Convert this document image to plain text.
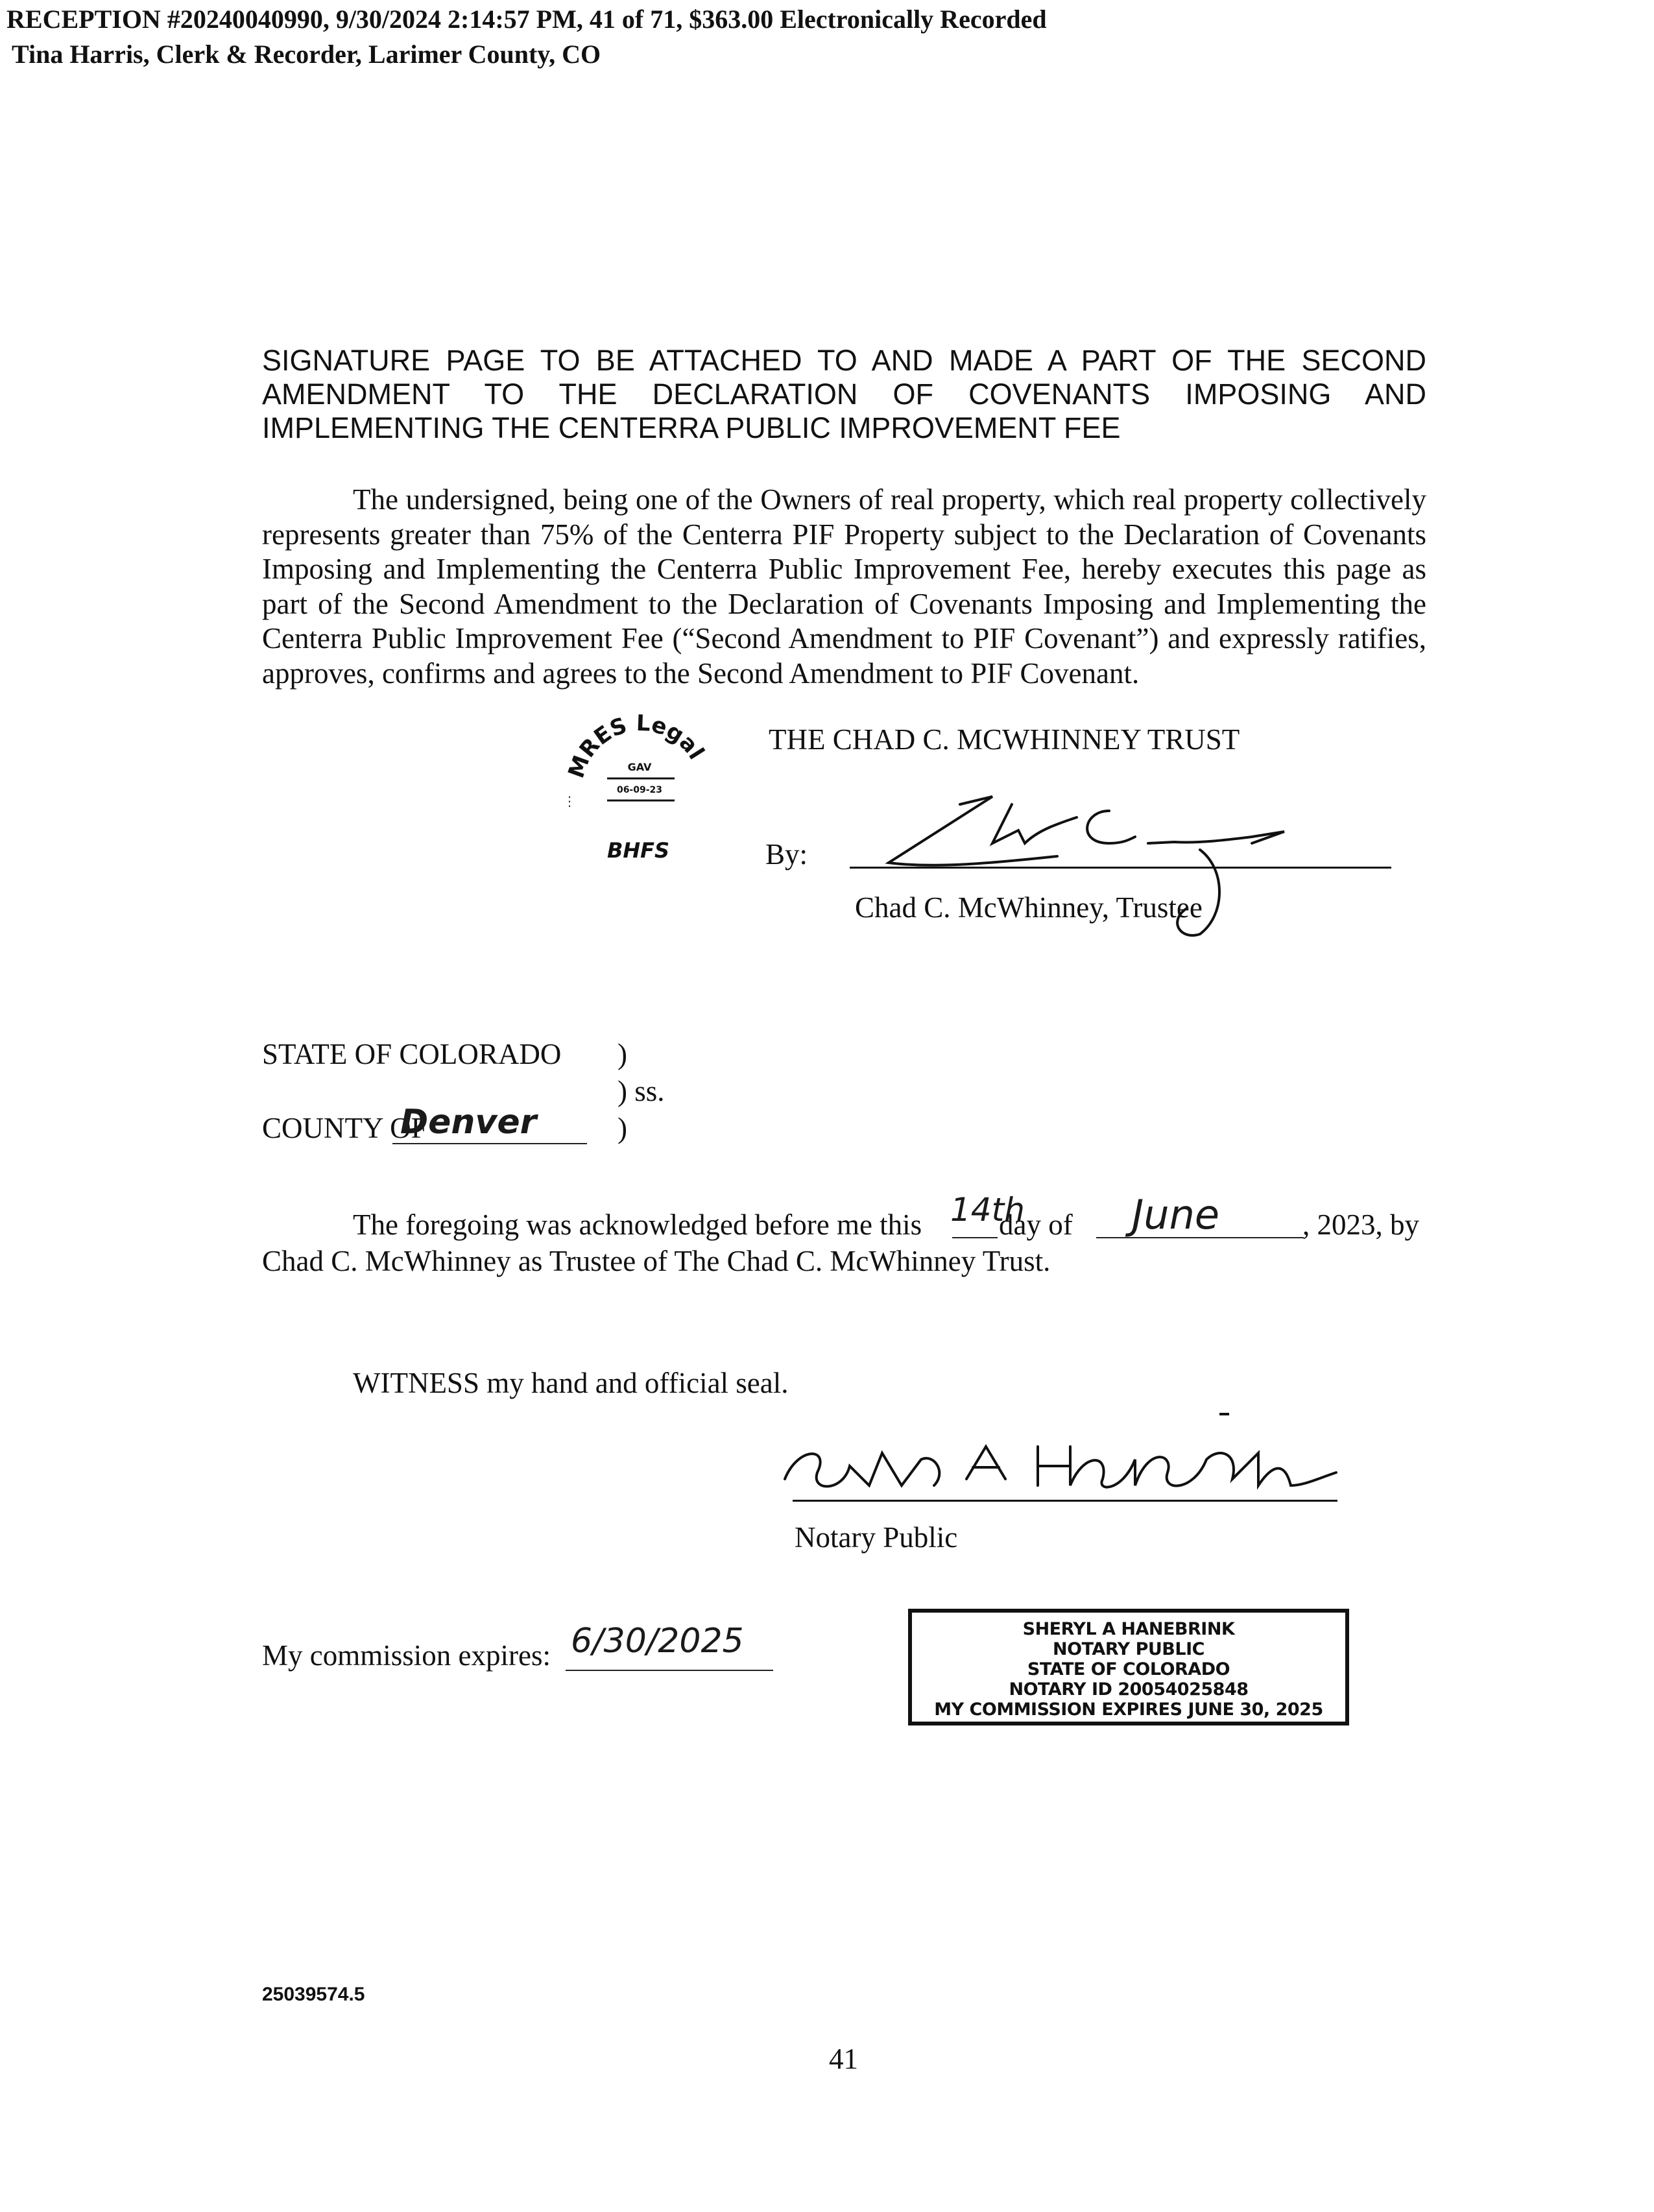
RECEPTION #20240040990, 9/30/2024 2:14:57 PM, 41 of 71, $363.00 Electronically Recorded
Tina Harris, Clerk & Recorder, Larimer County, CO
SIGNATURE PAGE TO BE ATTACHED TO AND MADE A PART OF THE SECOND
AMENDMENT TO THE DECLARATION OF COVENANTS IMPOSING AND
IMPLEMENTING THE CENTERRA PUBLIC IMPROVEMENT FEE
The undersigned, being one of the Owners of real property, which real property collectively
represents greater than 75% of the Centerra PIF Property subject to the Declaration of Covenants
Imposing and Implementing the Centerra Public Improvement Fee, hereby executes this page as
part of the Second Amendment to the Declaration of Covenants Imposing and Implementing the
Centerra Public Improvement Fee (“Second Amendment to PIF Covenant”) and expressly ratifies,
approves, confirms and agrees to the Second Amendment to PIF Covenant.
MRES Legal
GAV
06-09-23
⋮
BHFS
THE CHAD C. MCWHINNEY TRUST
By:
Chad C. McWhinney, Trustee
STATE OF COLORADO )
) ss.
COUNTY OF
Denver	)
The foregoing was acknowledged before me this 14th
day of June	, 2023, by
Chad C. McWhinney as Trustee of The Chad C. McWhinney Trust.
WITNESS my hand and official seal.
Notary Public
My commission expires: 6/30/2025	SHERYL A HANEBRINK
NOTARY PUBLIC
STATE OF COLORADO
NOTARY ID 20054025848
MY COMMISSION EXPIRES JUNE 30, 2025
25039574.5
41
